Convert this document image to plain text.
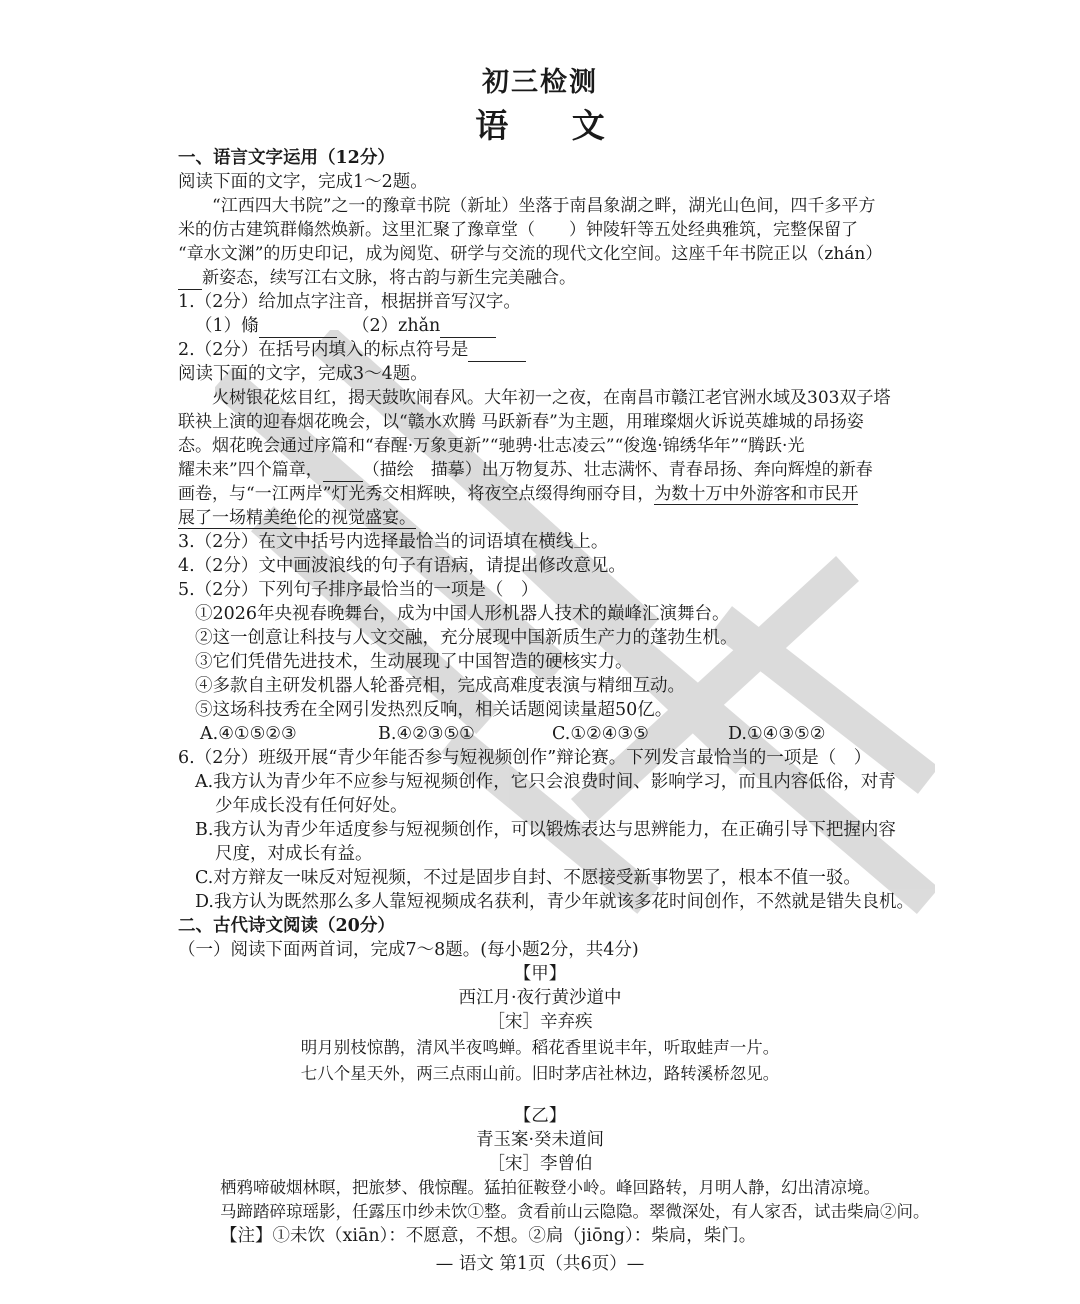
初三检测
语 文
一、语言文字运用（12分）
阅读下面的文字，完成1～2题。
“江西四大书院”之一的豫章书院（新址）坐落于南昌象湖之畔，湖光山色间，四千多平方
米的仿古建筑群翛然焕新。这里汇聚了豫章堂（　　）钟陵轩等五处经典雅筑，完整保留了
“章水文渊”的历史印记，成为阅览、研学与交流的现代文化空间。这座千年书院正以（zhán）
新姿态，续写江右文脉，将古韵与新生完美融合。
1.（2分）给加点字注音，根据拼音写汉字。
（1）翛	（2）zhǎn
2.（2分）在括号内填入的标点符号是
阅读下面的文字，完成3～4题。
火树银花炫目红，揭天鼓吹闹春风。大年初一之夜，在南昌市赣江老官洲水域及303双子塔
联袂上演的迎春烟花晚会，以“赣水欢腾 马跃新春”为主题，用璀璨烟火诉说英雄城的昂扬姿
态。烟花晚会通过序篇和“春醒·万象更新”“驰骋·壮志凌云”“俊逸·锦绣华年”“腾跃·光
耀未来”四个篇章， （描绘　描摹）出万物复苏、壮志满怀、青春昂扬、奔向辉煌的新春
画卷，与“一江两岸”灯光秀交相辉映，将夜空点缀得绚丽夺目，为数十万中外游客和市民开
展了一场精美绝伦的视觉盛宴。
3.（2分）在文中括号内选择最恰当的词语填在横线上。
4.（2分）文中画波浪线的句子有语病，请提出修改意见。
5.（2分）下列句子排序最恰当的一项是（　）
①2026年央视春晚舞台，成为中国人形机器人技术的巅峰汇演舞台。
②这一创意让科技与人文交融，充分展现中国新质生产力的蓬勃生机。
③它们凭借先进技术，生动展现了中国智造的硬核实力。
④多款自主研发机器人轮番亮相，完成高难度表演与精细互动。
⑤这场科技秀在全网引发热烈反响，相关话题阅读量超50亿。
A.④①⑤②③	B.④②③⑤①	C.①②④③⑤	D.①④③⑤②
6.（2分）班级开展“青少年能否参与短视频创作”辩论赛。下列发言最恰当的一项是（　）
A.我方认为青少年不应参与短视频创作，它只会浪费时间、影响学习，而且内容低俗，对青
少年成长没有任何好处。
B.我方认为青少年适度参与短视频创作，可以锻炼表达与思辨能力，在正确引导下把握内容
尺度，对成长有益。
C.对方辩友一味反对短视频，不过是固步自封、不愿接受新事物罢了，根本不值一驳。
D.我方认为既然那么多人靠短视频成名获利，青少年就该多花时间创作，不然就是错失良机。
二、古代诗文阅读（20分）
（一）阅读下面两首词，完成7～8题。(每小题2分，共4分)
【甲】
西江月·夜行黄沙道中
［宋］辛弃疾
明月别枝惊鹊，清风半夜鸣蝉。稻花香里说丰年，听取蛙声一片。
七八个星天外，两三点雨山前。旧时茅店社林边，路转溪桥忽见。
【乙】
青玉案·癸未道间
［宋］李曾伯
栖鸦啼破烟林暝，把旅梦、俄惊醒。猛拍征鞍登小岭。峰回路转，月明人静，幻出清凉境。
马蹄踏碎琼瑶影，任露压巾纱未饮①整。贪看前山云隐隐。翠微深处，有人家否，试击柴扃②问。
【注】①未饮（xiān）：不愿意，不想。②扃（jiōng）：柴扃，柴门。
— 语文 第1页（共6页）—
